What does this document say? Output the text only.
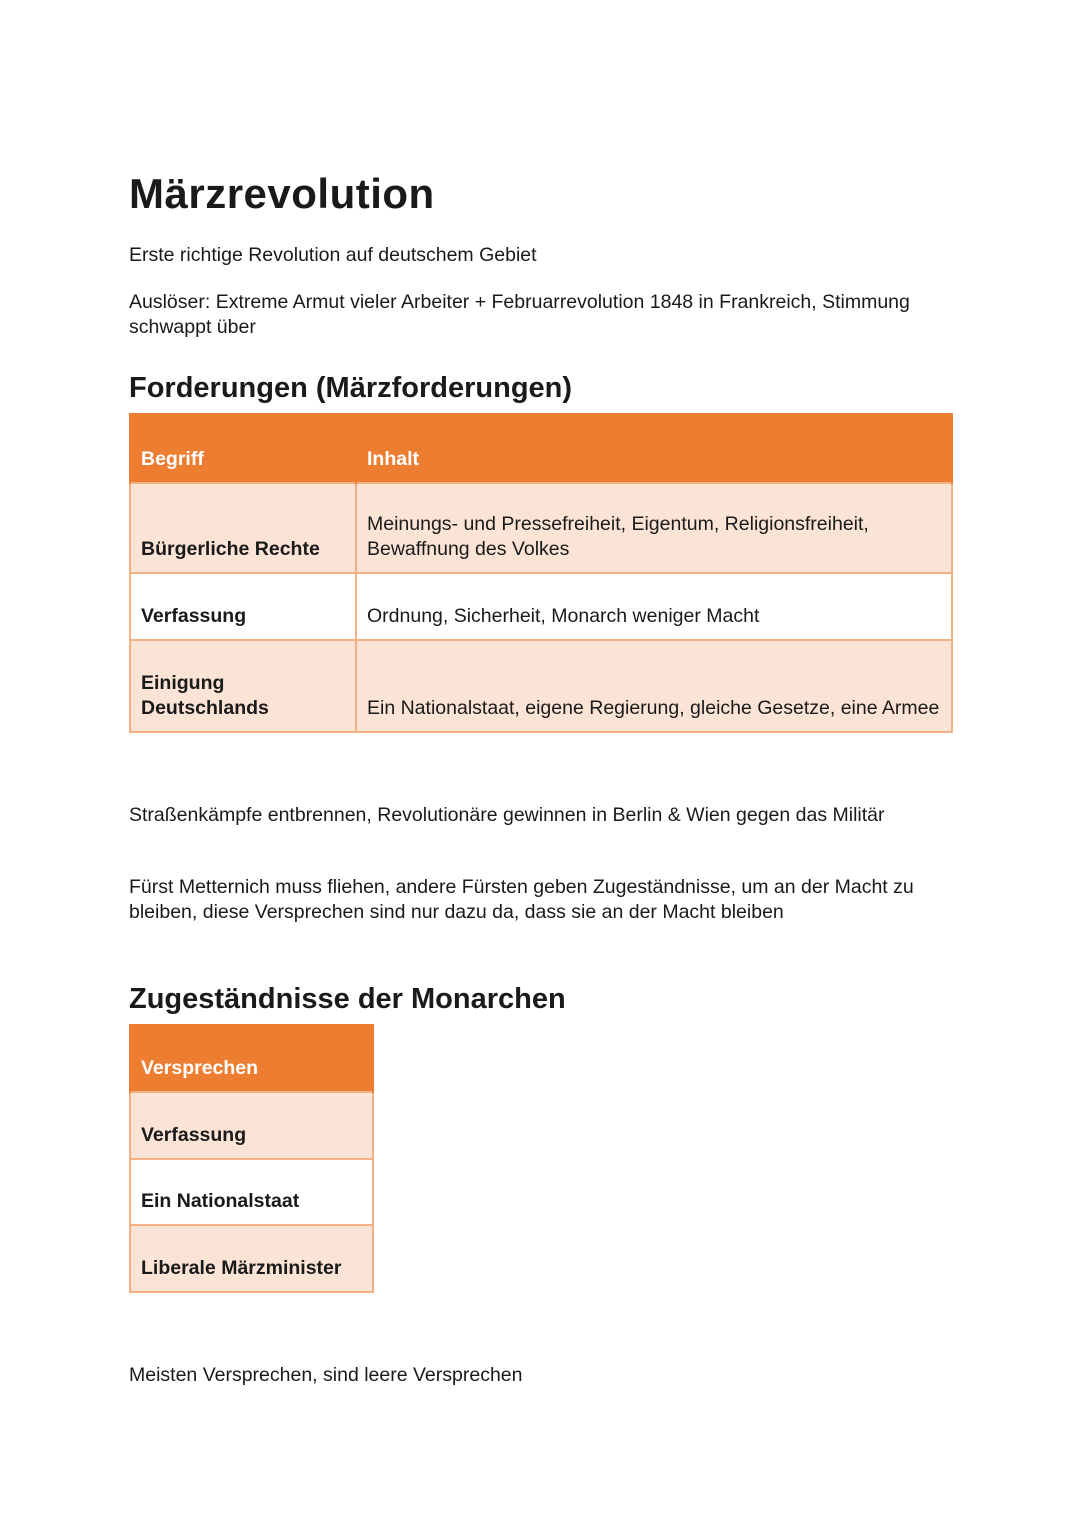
Märzrevolution

Erste richtige Revolution auf deutschem Gebiet

Auslöser: Extreme Armut vieler Arbeiter + Februarrevolution 1848 in Frankreich, Stimmung schwappt über

Forderungen (Märzforderungen)
Begriff	Inhalt
Bürgerliche Rechte	Meinungs- und Pressefreiheit, Eigentum, Religionsfreiheit, Bewaffnung des Volkes
Verfassung	Ordnung, Sicherheit, Monarch weniger Macht
Einigung Deutschlands	Ein Nationalstaat, eigene Regierung, gleiche Gesetze, eine Armee

Straßenkämpfe entbrennen, Revolutionäre gewinnen in Berlin & Wien gegen das Militär

Fürst Metternich muss fliehen, andere Fürsten geben Zugeständnisse, um an der Macht zu bleiben, diese Versprechen sind nur dazu da, dass sie an der Macht bleiben

Zugeständnisse der Monarchen
Versprechen
Verfassung
Ein Nationalstaat
Liberale Märzminister

Meisten Versprechen, sind leere Versprechen
